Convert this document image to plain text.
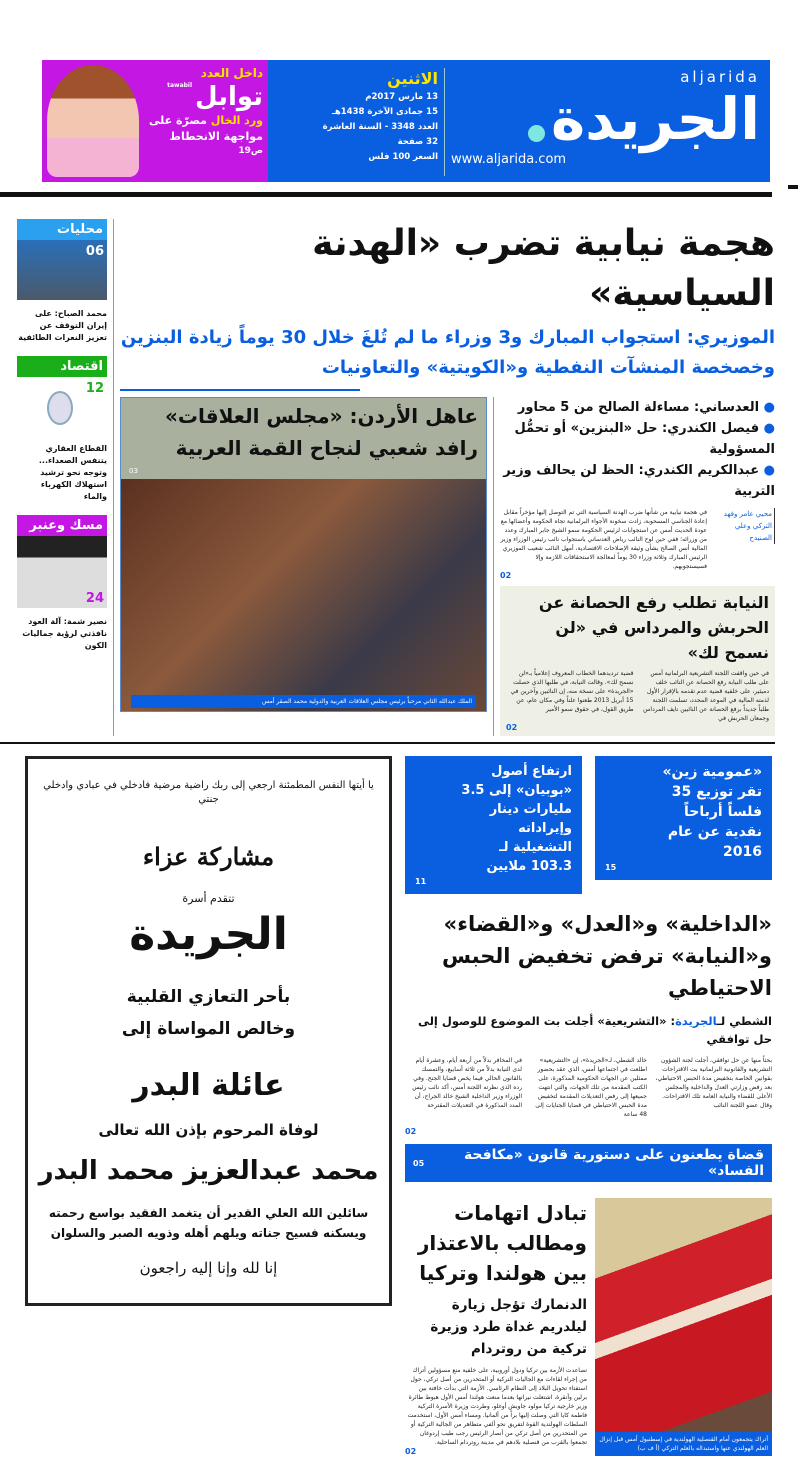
داخل العدد
توابل
tawabil
ورد الخال مصرّة على
مواجهة الانحطاط
ص19
الاثنين
13 مارس 2017م
15 جمادى الآخرة 1438هـ
العدد 3348 - السنة العاشرة
32 صفحة
السعر 100 فلس
aljarida
الجريدة
www.aljarida.com
محليات
06
محمد الصباح: على إيران التوقف عن تعزيز النعرات الطائفية
اقتصاد
12
القطاع العقاري يتنفس الصعداء... وتوجه نحو ترشيد استهلاك الكهرباء والماء
مسك وعنبر
24
نصير شمة: آلة العود نافذتي لرؤية جماليات الكون
هجمة نيابية تضرب «الهدنة السياسية»
الموزيري: استجواب المبارك و3 وزراء ما لم تُلغَ خلال 30 يوماً زيادة البنزين وخصخصة المنشآت النفطية و«الكويتية» والتعاونيات
عاهل الأردن: «مجلس العلاقات» رافد شعبي لنجاح القمة العربية
03
الملك عبدالله الثاني مرحباً برئيس مجلس العلاقات العربية والدولية محمد الصقر أمس
● العدساني: مساءلة الصالح من 5 محاور
● فيصل الكندري: حل «البنزين» أو تحمُّل المسؤولية
● عبدالكريم الكندري: الحظ لن يحالف وزير التربية
محيي عامر وفهد التركي وعلي الصنيدح
في هجمة نيابية من شأنها ضرب الهدنة السياسية التي تم التوصل إليها مؤخراً مقابل إعادة الجناسي المسحوبة، زادت سخونة الأجواء البرلمانية تجاه الحكومة وأعضائها مع عودة الحديث أمس عن استجوابات لرئيس الحكومة سمو الشيخ جابر المبارك وعدد من وزرائه؛ ففي حين لوح النائب رياض العدساني باستجواب نائب رئيس الوزراء وزير المالية أنس الصالح بشأن وثيقة الإصلاحات الاقتصادية، أمهل النائب شعيب الموزيري الرئيس المبارك وثلاثة وزراء 30 يوماً لمعالجة الاستحقاقات اللازمة وإلا فسيستجوبهم.
02
النيابة تطلب رفع الحصانة عن الحربش والمرداس في «لن نسمح لك»
في حين واقفت اللجنة التشريعية البرلمانية أمس على طلب النيابة رفع الحصانة عن النائب خلف دميثير، على خلفية قضية عدم تقدمه بالإقرار الأول لذمته المالية في الموعد المحدد، تسلمت اللجنة طلباً جديداً برفع الحصانة عن النائبين نايف المرداس وجمعان الحربش في
قضية ترديدهما الخطاب المعروف إعلامياً بـ«لن نسمح لك». وقالت النيابة، في طلبها الذي حصلت «الجريدة» على نسخة منه، إن النائبين وآخرين في 15 أبريل 2013 طعنوا علناً وفي مكان عام، عن طريق القول، في حقوق سمو الأمير
02
يا أيتها النفس المطمئنة ارجعي إلى ربك راضية مرضية فادخلي في عبادي وادخلي جنتي
مشاركة عزاء
تتقدم أسرة
الجريدة
بأحر التعازي القلبية
وخالص المواساة إلى
عائلة البدر
لوفاة المرحوم بإذن الله تعالى
محمد عبدالعزيز محمد البدر
سائلين الله العلي القدير أن يتغمد الفقيد بواسع رحمته
ويسكنه فسيح جناته ويلهم أهله وذويه الصبر والسلوان
إنا لله وإنا إليه راجعون
«عمومية زين» تقر توزيع 35 فلساً أرباحاً نقدية عن عام 2016
15
ارتفاع أصول «بوبيان» إلى 3.5 مليارات دينار وإيراداته التشغيلية لـ 103.3 ملايين
11
«الداخلية» و«العدل» و«القضاء» و«النيابة» ترفض تخفيض الحبس الاحتياطي
الشطي لـالجريدة: «التشريعية» أجلت بت الموضوع للوصول إلى حل توافقي
بحثاً منها عن حل توافقي، أجلت لجنة الشؤون التشريعية والقانونية البرلمانية بت الاقتراحات بقوانين الخاصة بتخفيض مدة الحبس الاحتياطي، بعد رفض وزارتي العدل والداخلية والمجلس الأعلى للقضاء والنيابة العامة تلك الاقتراحات. وقال عضو اللجنة النائب
خالد الشطي، لـ«الجريدة»، إن «التشريعية» اطلعت في اجتماعها أمس، الذي عقد بحضور ممثلين عن الجهات الحكومية المذكورة، على الكتب المقدمة من تلك الجهات، والتي انتهت جميعها إلى رفض التعديلات المقدمة لتخفيض مدة الحبس الاحتياطي في قضايا الجنايات إلى 48 ساعة
في المخافر بدلاً من أربعة أيام، وعشرة أيام لدى النيابة بدلاً من ثلاثة أسابيع، والتمسك بالقانون الحالي فيما يخص قضايا الجنح. وفي رده الذي نظرته اللجنة أمس، أكد نائب رئيس الوزراء وزير الداخلية الشيخ خالد الجراح، أن المدد المذكورة في التعديلات المقترحة
02
قضاة يطعنون على دستورية قانون «مكافحة الفساد»
05
أتراك يتجمعون أمام القنصلية الهولندية في إسطنبول أمس قبل إنزال العلم الهولندي عنها واستبداله بالعلم التركي (أ ف ب)
تبادل اتهامات ومطالب بالاعتذار بين هولندا وتركيا
الدنمارك تؤجل زيارة ليلدريم غداة طرد وزيرة تركية من روتردام
تصاعدت الأزمة بين تركيا ودول أوروبية، على خلفية منع مسؤولين أتراك من إجراء لقاءات مع الجاليات التركية أو المتحدرين من أصل تركي، حول استفتاء تحويل البلاد إلى النظام الرئاسي. الأزمة التي بدأت خافتة بين برلين وأنقرة، اشتعلت نيرانها بعدما منعت هولندا أمس الأول هبوط طائرة وزير خارجية تركيا مولود جاويش أوغلو، وطردت وزيرة الأسرة التركية فاطمة كايا التي وصلت إليها براً من ألمانيا. ومساء أمس الأول، استخدمت السلطات الهولندية القوة لتفريق نحو ألفي متظاهر من الجالية التركية أو من المتحدرين من أصل تركي من أنصار الرئيس رجب طيب إردوغان تجمعوا بالقرب من قنصلية بلادهم في مدينة روتردام الساحلية.
02
